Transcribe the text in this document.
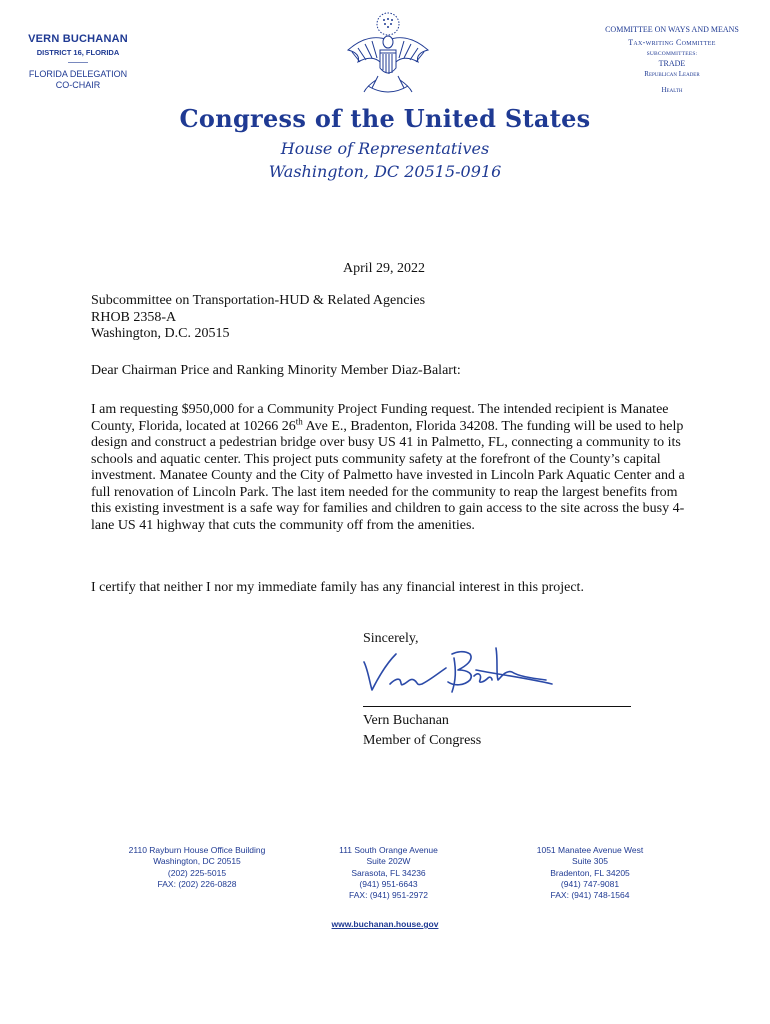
VERN BUCHANAN
DISTRICT 16, FLORIDA
FLORIDA DELEGATION
CO-CHAIR
COMMITTEE ON WAYS AND MEANS
Tax-writing Committee
SUBCOMMITTEES:
TRADE
Republican Leader
Health
Congress of the United States
House of Representatives
Washington, DC 20515-0916
April 29, 2022
Subcommittee on Transportation-HUD & Related Agencies
RHOB 2358-A
Washington, D.C. 20515
Dear Chairman Price and Ranking Minority Member Diaz-Balart:
I am requesting $950,000 for a Community Project Funding request. The intended recipient is Manatee County, Florida, located at 10266 26th Ave E., Bradenton, Florida 34208. The funding will be used to help design and construct a pedestrian bridge over busy US 41 in Palmetto, FL, connecting a community to its schools and aquatic center. This project puts community safety at the forefront of the County’s capital investment. Manatee County and the City of Palmetto have invested in Lincoln Park Aquatic Center and a full renovation of Lincoln Park. The last item needed for the community to reap the largest benefits from this existing investment is a safe way for families and children to gain access to the site across the busy 4-lane US 41 highway that cuts the community off from the amenities.
I certify that neither I nor my immediate family has any financial interest in this project.
Sincerely,
Vern Buchanan
Member of Congress
2110 Rayburn House Office Building
Washington, DC 20515
(202) 225-5015
FAX: (202) 226-0828
111 South Orange Avenue
Suite 202W
Sarasota, FL 34236
(941) 951-6643
FAX: (941) 951-2972
1051 Manatee Avenue West
Suite 305
Bradenton, FL 34205
(941) 747-9081
FAX: (941) 748-1564
www.buchanan.house.gov
